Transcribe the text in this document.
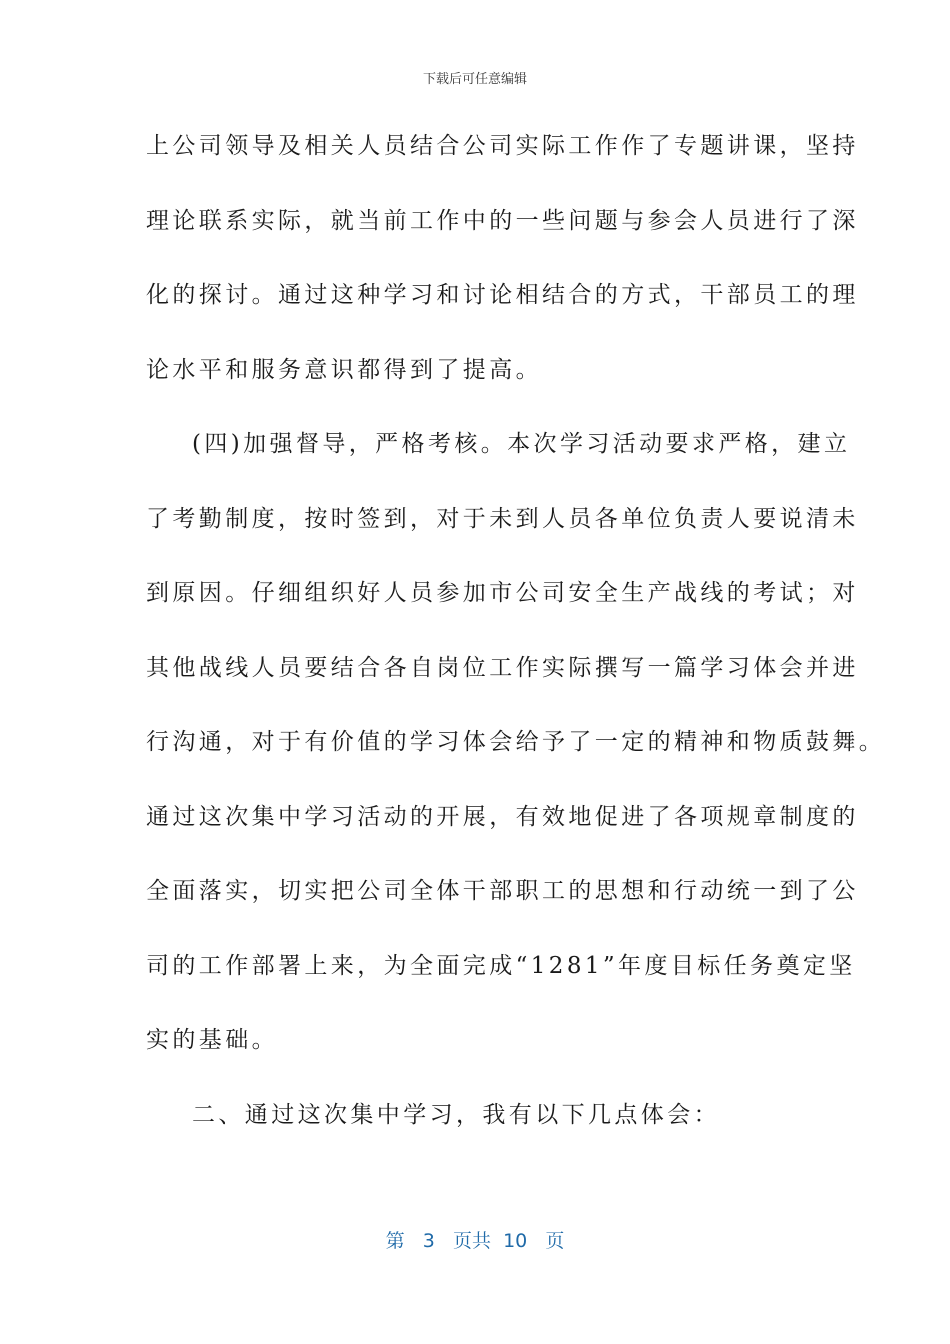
下载后可任意编辑
上公司领导及相关人员结合公司实际工作作了专题讲课，坚持
理论联系实际，就当前工作中的一些问题与参会人员进行了深
化的探讨。通过这种学习和讨论相结合的方式，干部员工的理
论水平和服务意识都得到了提高。
(四)加强督导，严格考核。本次学习活动要求严格，建立
了考勤制度，按时签到，对于未到人员各单位负责人要说清未
到原因。仔细组织好人员参加市公司安全生产战线的考试；对
其他战线人员要结合各自岗位工作实际撰写一篇学习体会并进
行沟通，对于有价值的学习体会给予了一定的精神和物质鼓舞。
通过这次集中学习活动的开展，有效地促进了各项规章制度的
全面落实，切实把公司全体干部职工的思想和行动统一到了公
司的工作部署上来，为全面完成“1281”年度目标任务奠定坚
实的基础。
二、通过这次集中学习，我有以下几点体会：
第 3 页共 10 页
